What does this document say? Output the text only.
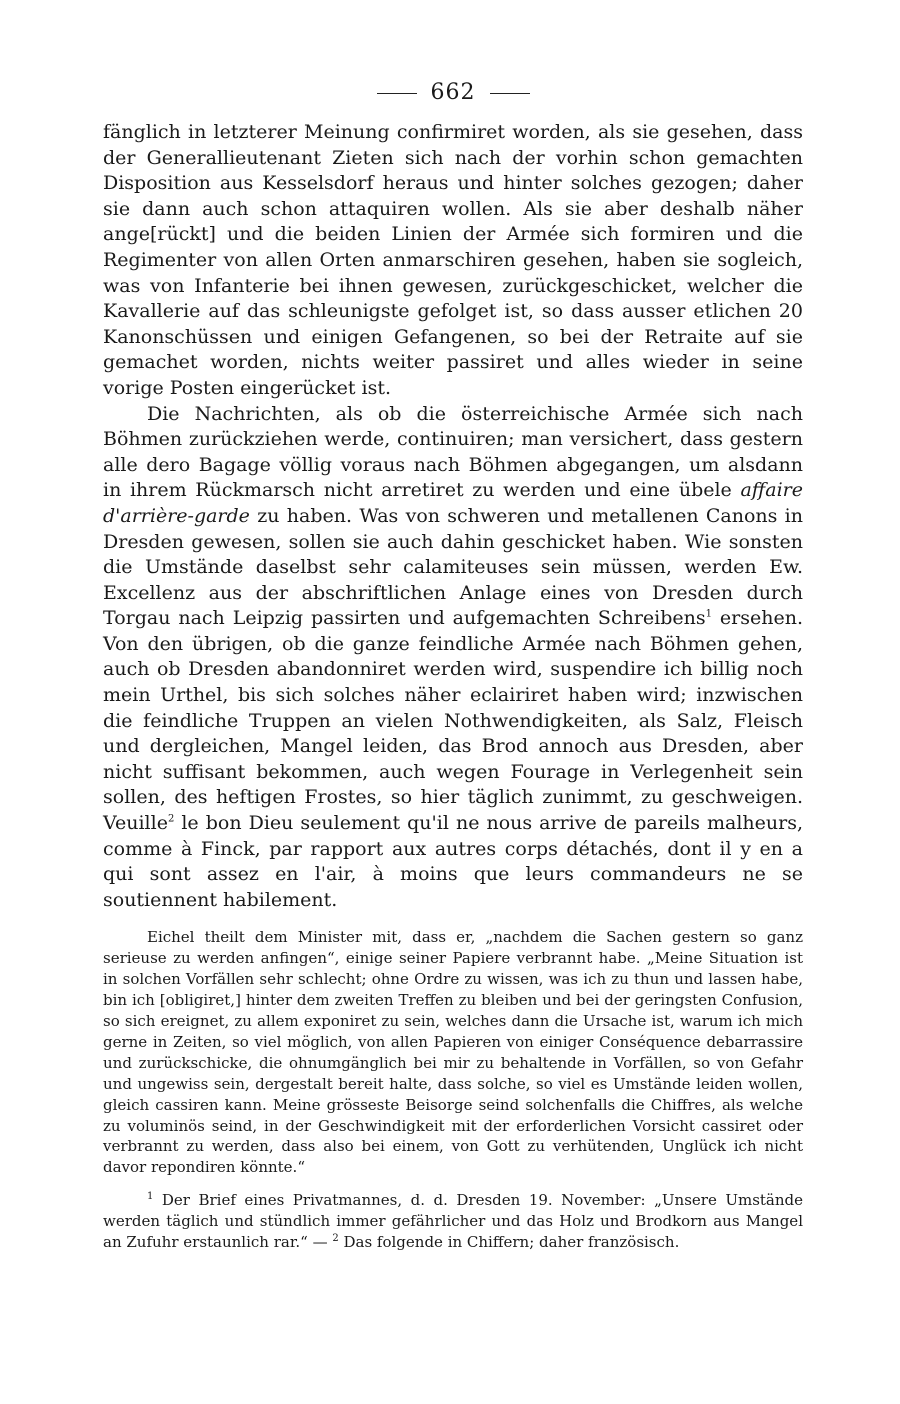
662

fänglich in letzterer Meinung confirmiret worden, als sie gesehen, dass der Generallieutenant Zieten sich nach der vorhin schon gemachten Disposition aus Kesselsdorf heraus und hinter solches gezogen; daher sie dann auch schon attaquiren wollen. Als sie aber deshalb näher ange[rückt] und die beiden Linien der Armée sich formiren und die Regimenter von allen Orten anmarschiren gesehen, haben sie sogleich, was von Infanterie bei ihnen gewesen, zurückgeschicket, welcher die Kavallerie auf das schleunigste gefolget ist, so dass ausser etlichen 20 Kanonschüssen und einigen Gefangenen, so bei der Retraite auf sie gemachet worden, nichts weiter passiret und alles wieder in seine vorige Posten eingerücket ist.

Die Nachrichten, als ob die österreichische Armée sich nach Böhmen zurückziehen werde, continuiren; man versichert, dass gestern alle dero Bagage völlig voraus nach Böhmen abgegangen, um alsdann in ihrem Rückmarsch nicht arretiret zu werden und eine übele affaire d'arrière-garde zu haben. Was von schweren und metallenen Canons in Dresden gewesen, sollen sie auch dahin geschicket haben. Wie sonsten die Umstände daselbst sehr calamiteuses sein müssen, werden Ew. Excellenz aus der abschriftlichen Anlage eines von Dresden durch Torgau nach Leipzig passirten und aufgemachten Schreibens$^1$ ersehen. Von den übrigen, ob die ganze feindliche Armée nach Böhmen gehen, auch ob Dresden abandonniret werden wird, suspendire ich billig noch mein Urthel, bis sich solches näher eclairiret haben wird; inzwischen die feindliche Truppen an vielen Nothwendigkeiten, als Salz, Fleisch und dergleichen, Mangel leiden, das Brod annoch aus Dresden, aber nicht suffisant bekommen, auch wegen Fourage in Verlegenheit sein sollen, des heftigen Frostes, so hier täglich zunimmt, zu geschweigen. Veuille$^2$ le bon Dieu seulement qu'il ne nous arrive de pareils malheurs, comme à Finck, par rapport aux autres corps détachés, dont il y en a qui sont assez en l'air, à moins que leurs commandeurs ne se soutiennent habilement.

Eichel theilt dem Minister mit, dass er, „nachdem die Sachen gestern so ganz serieuse zu werden anfingen“, einige seiner Papiere verbrannt habe. „Meine Situation ist in solchen Vorfällen sehr schlecht; ohne Ordre zu wissen, was ich zu thun und lassen habe, bin ich [obligiret,] hinter dem zweiten Treffen zu bleiben und bei der geringsten Confusion, so sich ereignet, zu allem exponiret zu sein, welches dann die Ursache ist, warum ich mich gerne in Zeiten, so viel möglich, von allen Papieren von einiger Conséquence debarrassire und zurückschicke, die ohnumgänglich bei mir zu behaltende in Vorfällen, so von Gefahr und ungewiss sein, dergestalt bereit halte, dass solche, so viel es Umstände leiden wollen, gleich cassiren kann. Meine grösseste Beisorge seind solchenfalls die Chiffres, als welche zu voluminös seind, in der Geschwindigkeit mit der erforderlichen Vorsicht cassiret oder verbrannt zu werden, dass also bei einem, von Gott zu verhütenden, Unglück ich nicht davor repondiren könnte.“
$^1$ Der Brief eines Privatmannes, d. d. Dresden 19. November: „Unsere Umstände werden täglich und stündlich immer gefährlicher und das Holz und Brodkorn aus Mangel an Zufuhr erstaunlich rar.“ — $^2$ Das folgende in Chiffern; daher französisch.
